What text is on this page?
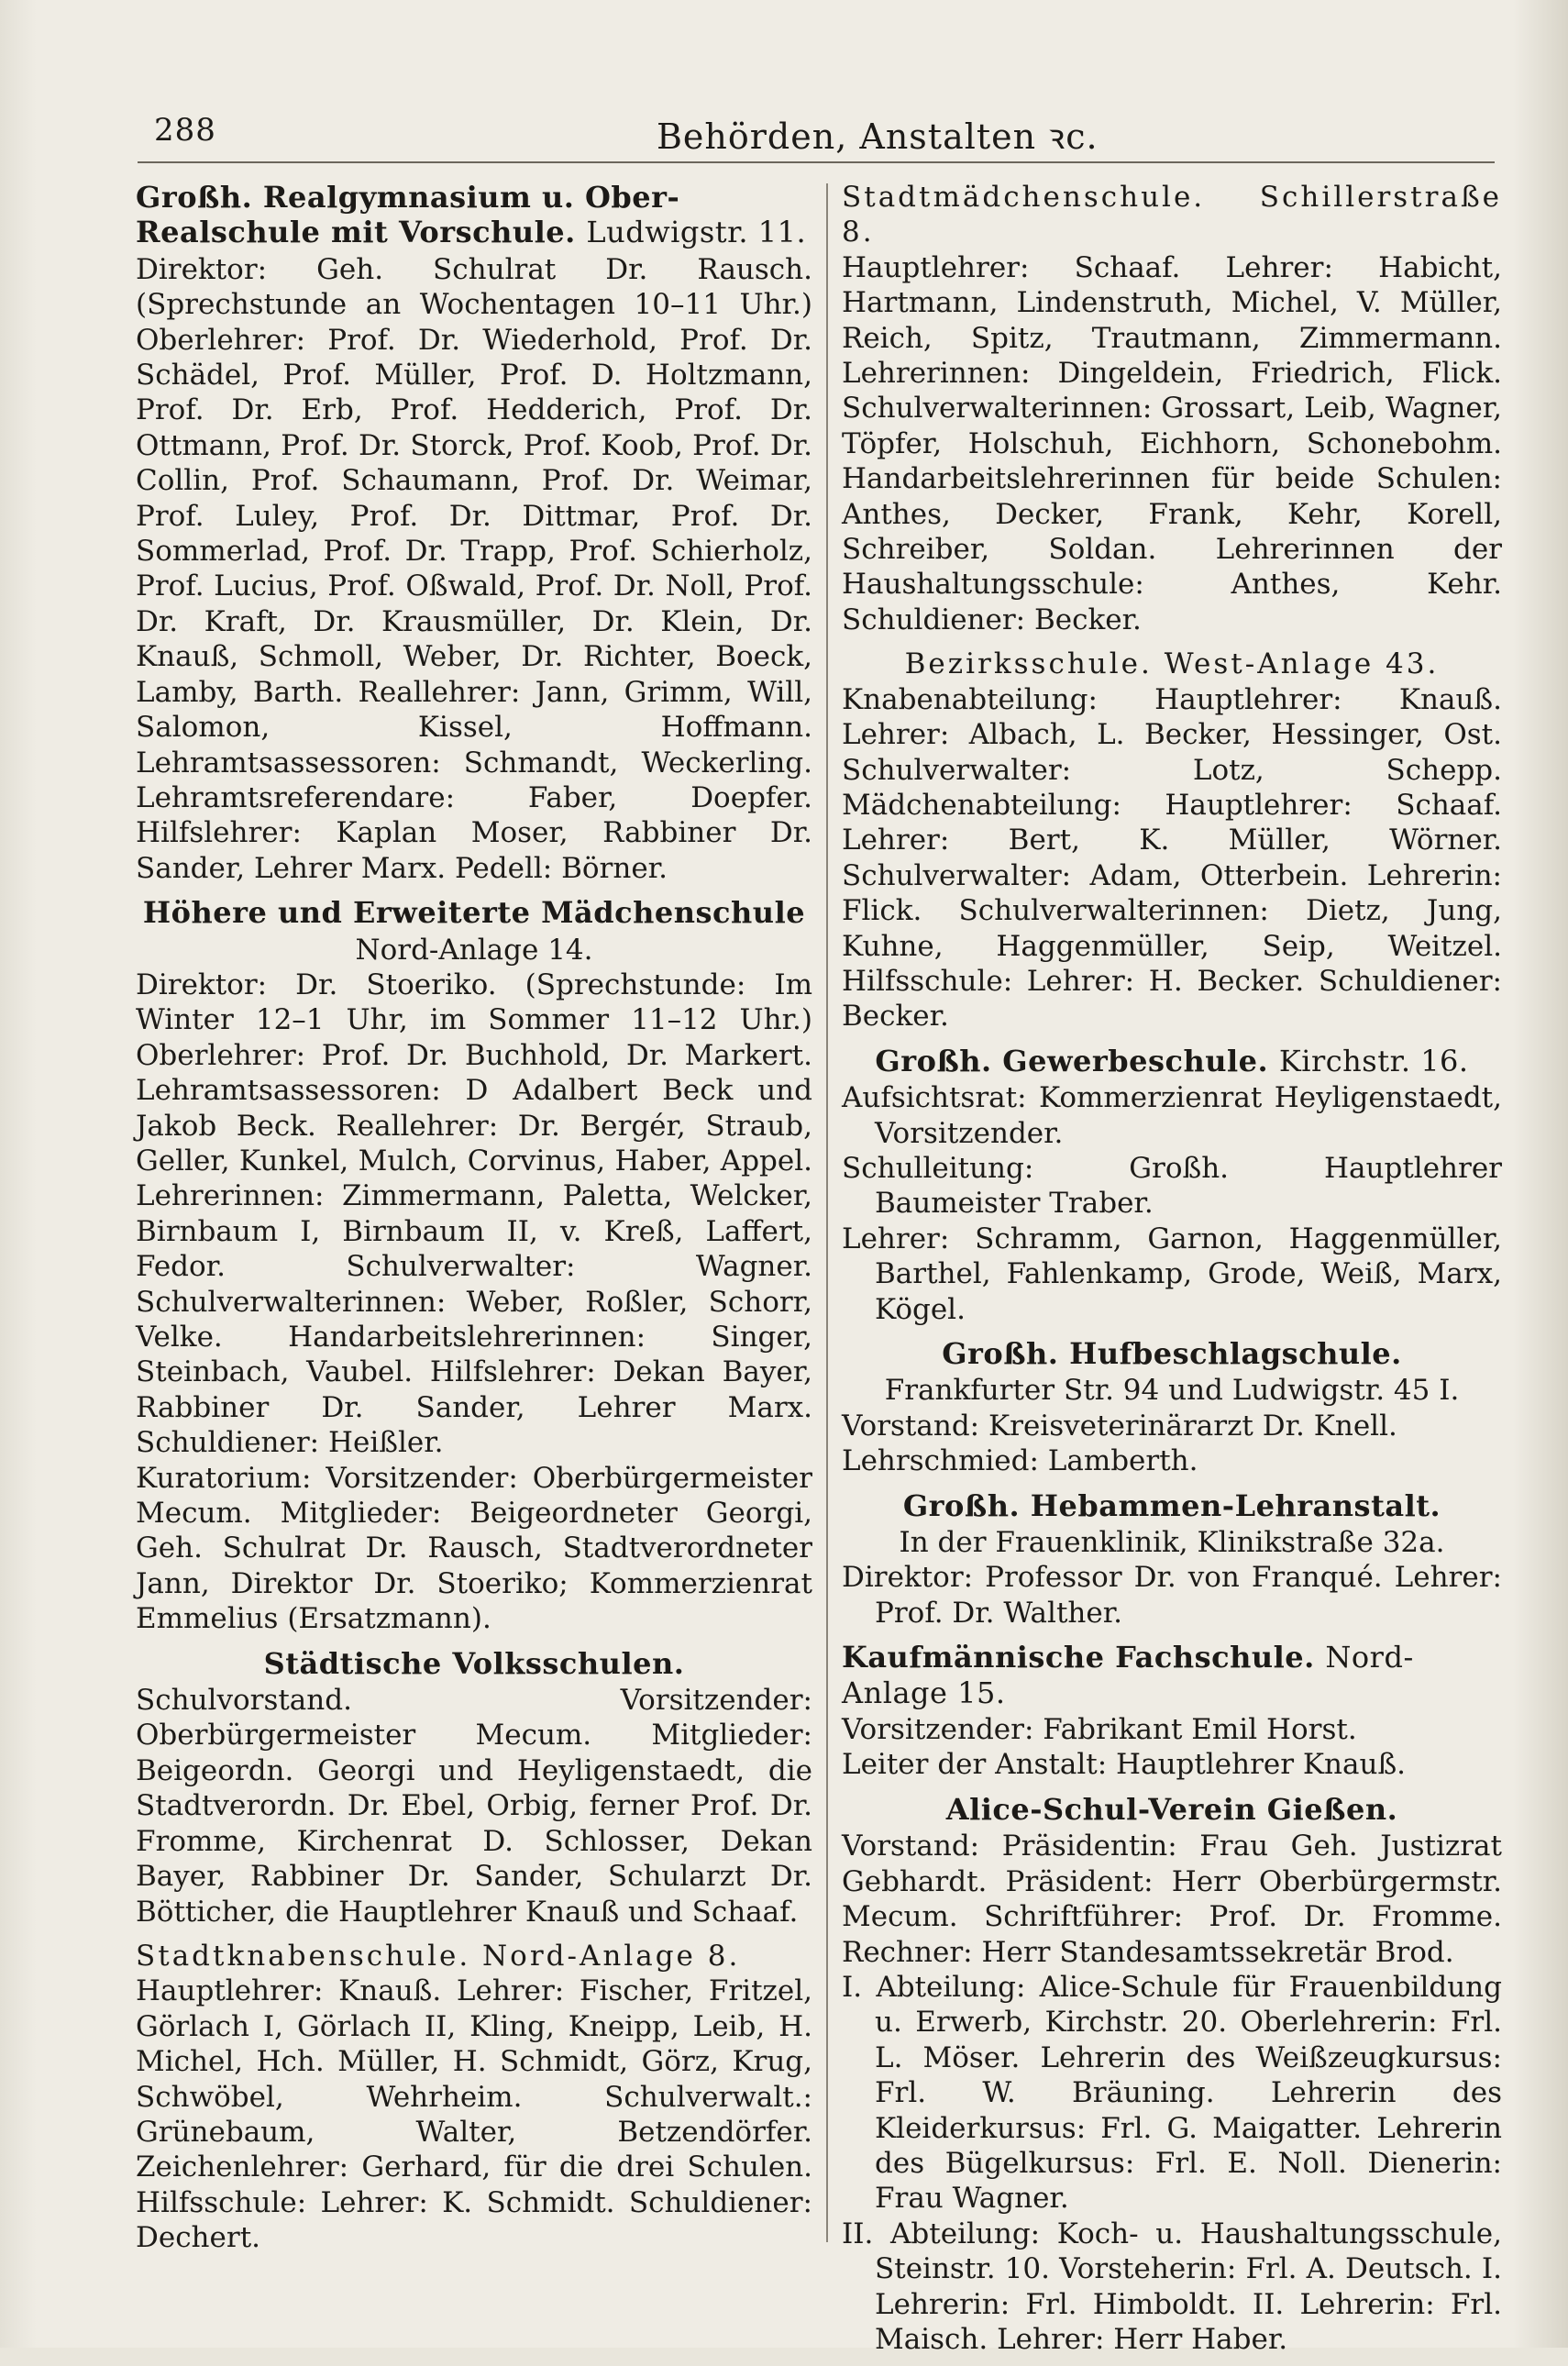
288	Behörden, Anstalten ꝛc.
Großh. Realgymnasium u. Ober-Realschule mit Vorschule. Ludwigstr. 11.
Direktor: Geh. Schulrat Dr. Rausch. (Sprechstunde an Wochentagen 10–11 Uhr.) Oberlehrer: Prof. Dr. Wiederhold, Prof. Dr. Schädel, Prof. Müller, Prof. D. Holtzmann, Prof. Dr. Erb, Prof. Hedderich, Prof. Dr. Ottmann, Prof. Dr. Storck, Prof. Koob, Prof. Dr. Collin, Prof. Schaumann, Prof. Dr. Weimar, Prof. Luley, Prof. Dr. Dittmar, Prof. Dr. Sommerlad, Prof. Dr. Trapp, Prof. Schierholz, Prof. Lucius, Prof. Oßwald, Prof. Dr. Noll, Prof. Dr. Kraft, Dr. Krausmüller, Dr. Klein, Dr. Knauß, Schmoll, Weber, Dr. Richter, Boeck, Lamby, Barth. Reallehrer: Jann, Grimm, Will, Salomon, Kissel, Hoffmann. Lehramtsassessoren: Schmandt, Weckerling. Lehramtsreferendare: Faber, Doepfer. Hilfslehrer: Kaplan Moser, Rabbiner Dr. Sander, Lehrer Marx. Pedell: Börner.
Höhere und Erweiterte Mädchenschule
Nord-Anlage 14.
Direktor: Dr. Stoeriko. (Sprechstunde: Im Winter 12–1 Uhr, im Sommer 11–12 Uhr.) Oberlehrer: Prof. Dr. Buchhold, Dr. Markert. Lehramtsassessoren: D Adalbert Beck und Jakob Beck. Reallehrer: Dr. Bergér, Straub, Geller, Kunkel, Mulch, Corvinus, Haber, Appel. Lehrerinnen: Zimmermann, Paletta, Welcker, Birnbaum I, Birnbaum II, v. Kreß, Laffert, Fedor. Schulverwalter: Wagner. Schulverwalterinnen: Weber, Roßler, Schorr, Velke. Handarbeitslehrerinnen: Singer, Steinbach, Vaubel. Hilfslehrer: Dekan Bayer, Rabbiner Dr. Sander, Lehrer Marx. Schuldiener: Heißler.
Kuratorium: Vorsitzender: Oberbürgermeister Mecum. Mitglieder: Beigeordneter Georgi, Geh. Schulrat Dr. Rausch, Stadtverordneter Jann, Direktor Dr. Stoeriko; Kommerzienrat Emmelius (Ersatzmann).
Städtische Volksschulen.
Schulvorstand. Vorsitzender: Oberbürgermeister Mecum. Mitglieder: Beigeordn. Georgi und Heyligenstaedt, die Stadtverordn. Dr. Ebel, Orbig, ferner Prof. Dr. Fromme, Kirchenrat D. Schlosser, Dekan Bayer, Rabbiner Dr. Sander, Schularzt Dr. Bötticher, die Hauptlehrer Knauß und Schaaf.
Stadtknabenschule. Nord-Anlage 8.
Hauptlehrer: Knauß. Lehrer: Fischer, Fritzel, Görlach I, Görlach II, Kling, Kneipp, Leib, H. Michel, Hch. Müller, H. Schmidt, Görz, Krug, Schwöbel, Wehrheim. Schulverwalt.: Grünebaum, Walter, Betzendörfer. Zeichenlehrer: Gerhard, für die drei Schulen. Hilfsschule: Lehrer: K. Schmidt. Schuldiener: Dechert.
Stadtmädchenschule. Schillerstraße 8.
Hauptlehrer: Schaaf. Lehrer: Habicht, Hartmann, Lindenstruth, Michel, V. Müller, Reich, Spitz, Trautmann, Zimmermann. Lehrerinnen: Dingeldein, Friedrich, Flick. Schulverwalterinnen: Grossart, Leib, Wagner, Töpfer, Holschuh, Eichhorn, Schonebohm. Handarbeitslehrerinnen für beide Schulen: Anthes, Decker, Frank, Kehr, Korell, Schreiber, Soldan. Lehrerinnen der Haushaltungsschule: Anthes, Kehr. Schuldiener: Becker.
Bezirksschule. West-Anlage 43.
Knabenabteilung: Hauptlehrer: Knauß. Lehrer: Albach, L. Becker, Hessinger, Ost. Schulverwalter: Lotz, Schepp. Mädchenabteilung: Hauptlehrer: Schaaf. Lehrer: Bert, K. Müller, Wörner. Schulverwalter: Adam, Otterbein. Lehrerin: Flick. Schulverwalterinnen: Dietz, Jung, Kuhne, Haggenmüller, Seip, Weitzel. Hilfsschule: Lehrer: H. Becker. Schuldiener: Becker.
Großh. Gewerbeschule. Kirchstr. 16.
Aufsichtsrat: Kommerzienrat Heyligenstaedt, Vorsitzender.
Schulleitung: Großh. Hauptlehrer Baumeister Traber.
Lehrer: Schramm, Garnon, Haggenmüller, Barthel, Fahlenkamp, Grode, Weiß, Marx, Kögel.
Großh. Hufbeschlagschule.
Frankfurter Str. 94 und Ludwigstr. 45 I.
Vorstand: Kreisveterinärarzt Dr. Knell.
Lehrschmied: Lamberth.
Großh. Hebammen-Lehranstalt.
In der Frauenklinik, Klinikstraße 32a.
Direktor: Professor Dr. von Franqué. Lehrer: Prof. Dr. Walther.
Kaufmännische Fachschule. Nord-Anlage 15.
Vorsitzender: Fabrikant Emil Horst.
Leiter der Anstalt: Hauptlehrer Knauß.
Alice-Schul-Verein Gießen.
Vorstand: Präsidentin: Frau Geh. Justizrat Gebhardt. Präsident: Herr Oberbürgermstr. Mecum. Schriftführer: Prof. Dr. Fromme. Rechner: Herr Standesamtssekretär Brod.
I. Abteilung: Alice-Schule für Frauenbildung u. Erwerb, Kirchstr. 20. Oberlehrerin: Frl. L. Möser. Lehrerin des Weißzeugkursus: Frl. W. Bräuning. Lehrerin des Kleiderkursus: Frl. G. Maigatter. Lehrerin des Bügelkursus: Frl. E. Noll. Dienerin: Frau Wagner.
II. Abteilung: Koch- u. Haushaltungsschule, Steinstr. 10. Vorsteherin: Frl. A. Deutsch. I. Lehrerin: Frl. Himboldt. II. Lehrerin: Frl. Maisch. Lehrer: Herr Haber.
